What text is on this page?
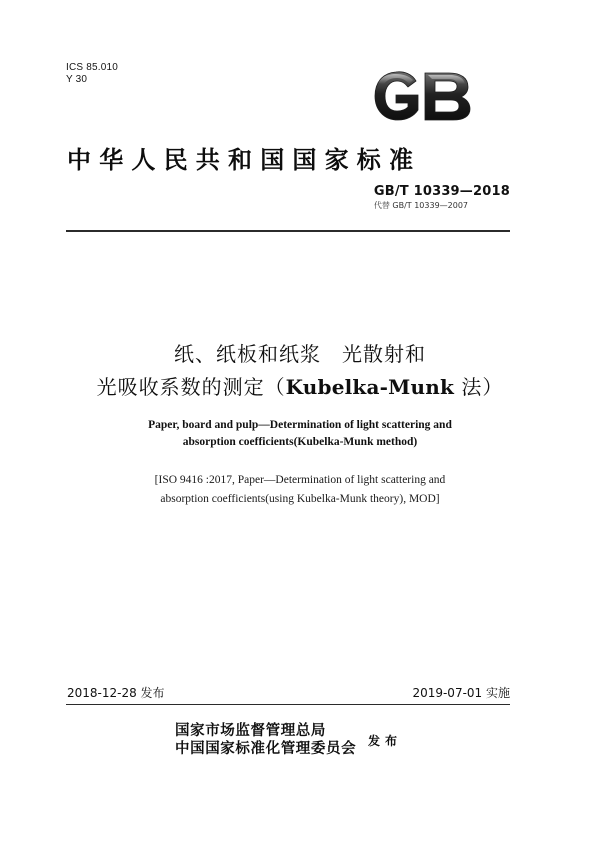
ICS 85.010
Y 30
中华人民共和国国家标准
GB/T 10339—2018
代替 GB/T 10339—2007
纸、纸板和纸浆　光散射和
光吸收系数的测定（Kubelka-Munk 法）
Paper, board and pulp—Determination of light scattering and
absorption coefficients(Kubelka-Munk method)
[ISO 9416 :2017, Paper—Determination of light scattering and
absorption coefficients(using Kubelka-Munk theory), MOD]
2018-12-28 发布	2019-07-01 实施
国家市场监督管理总局
中国国家标准化管理委员会 发布
